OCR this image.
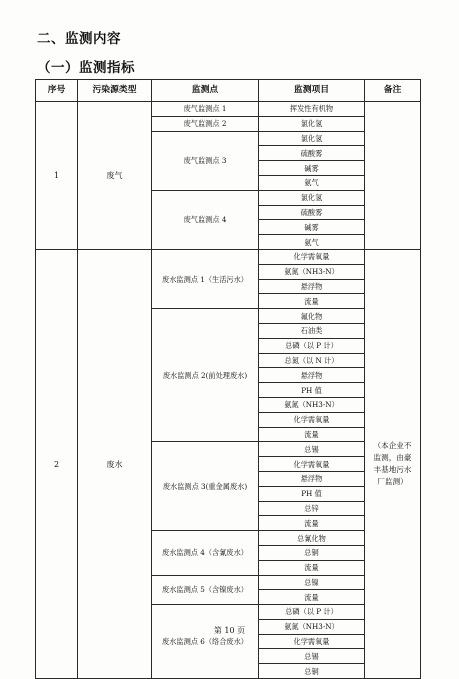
二、监测内容
（一）监测指标
序号	污染源类型	监测点	监测项目	备注
1	废气	废气监测点 1	挥发性有机物	
		废气监测点 2	氯化氢	
		废气监测点 3	氯化氢	
			硫酸雾	
			碱雾	
			氨气	
		废气监测点 4	氯化氢	
			硫酸雾	
			碱雾	
			氨气	
2	废水	废水监测点 1（生活污水）	化学需氧量	（本企业不监测，由豪丰基地污水厂监测）
			氨氮（NH3-N）	
			悬浮物	
			流量	
		废水监测点 2(前处理废水)	氟化物	
			石油类	
			总磷（以 P 计）	
			总氮（以 N 计）	
			悬浮物	
			PH 值	
			氨氮（NH3-N）	
			化学需氧量	
			流量	
		废水监测点 3(重金属废水)	总锡	
			化学需氧量	
			悬浮物	
			PH 值	
			总锌	
			流量	
		废水监测点 4（含氰废水）	总氰化物	
			总铜	
			流量	
		废水监测点 5（含镍废水）	总镍	
			流量	
		废水监测点 6（络合废水）	总磷（以 P 计）	
			氨氮（NH3-N）	
			化学需氧量	
			总锡	
			总铜	
第 10 页
